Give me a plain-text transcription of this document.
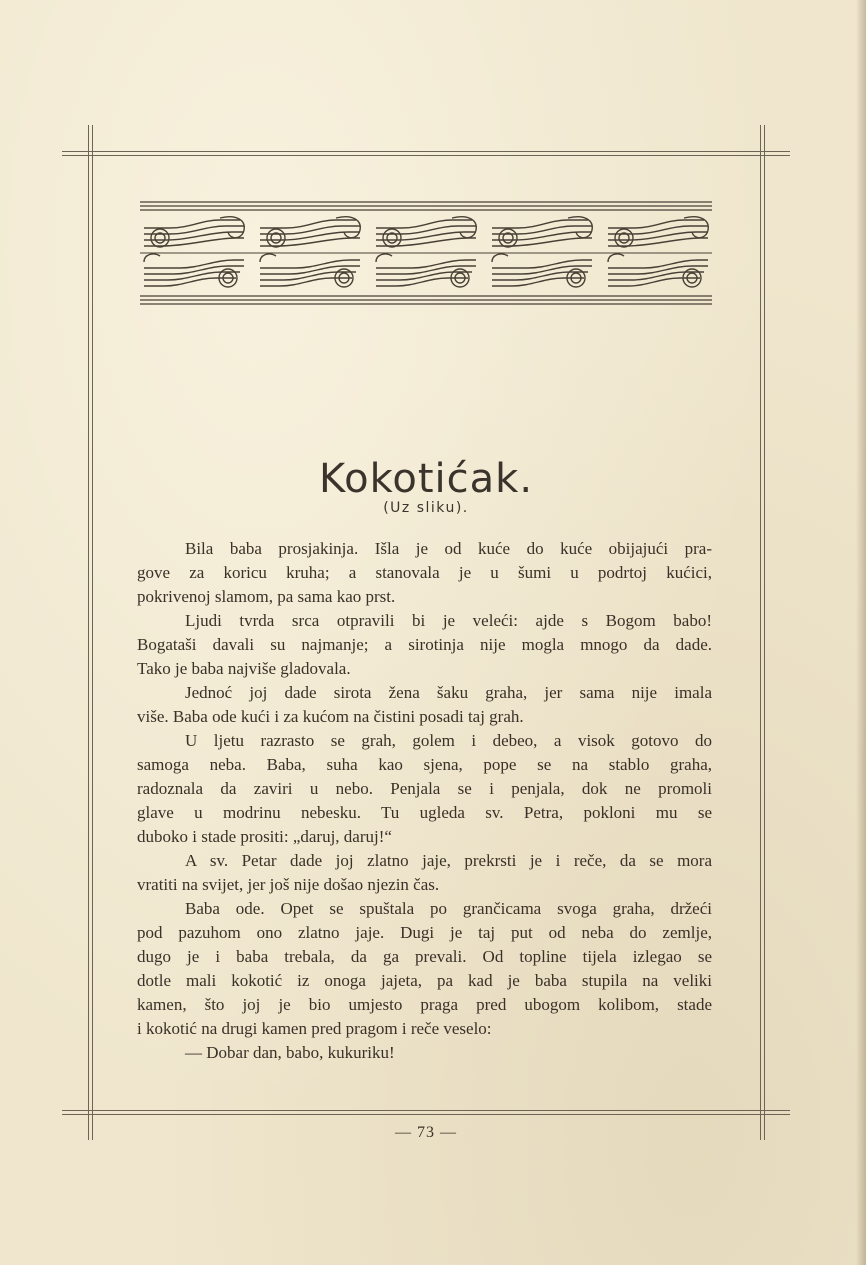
Kokotićak.
(Uz sliku).
Bila baba prosjakinja. Išla je od kuće do kuće obijajući pra-
gove za koricu kruha; a stanovala je u šumi u podrtoj kućici,
pokrivenoj slamom, pa sama kao prst.
Ljudi tvrda srca otpravili bi je veleći: ajde s Bogom babo!
Bogataši davali su najmanje; a sirotinja nije mogla mnogo da dade.
Tako je baba najviše gladovala.
Jednoć joj dade sirota žena šaku graha, jer sama nije imala
više. Baba ode kući i za kućom na čistini posadi taj grah.
U ljetu razrasto se grah, golem i debeo, a visok gotovo do
samoga neba. Baba, suha kao sjena, pope se na stablo graha,
radoznala da zaviri u nebo. Penjala se i penjala, dok ne promoli
glave u modrinu nebesku. Tu ugleda sv. Petra, pokloni mu se
duboko i stade prositi: „daruj, daruj!“
A sv. Petar dade joj zlatno jaje, prekrsti je i reče, da se mora
vratiti na svijet, jer još nije došao njezin čas.
Baba ode. Opet se spuštala po grančicama svoga graha, držeći
pod pazuhom ono zlatno jaje. Dugi je taj put od neba do zemlje,
dugo je i baba trebala, da ga prevali. Od topline tijela izlegao se
dotle mali kokotić iz onoga jajeta, pa kad je baba stupila na veliki
kamen, što joj je bio umjesto praga pred ubogom kolibom, stade
i kokotić na drugi kamen pred pragom i reče veselo:
— Dobar dan, babo, kukuriku!
— 73 —
